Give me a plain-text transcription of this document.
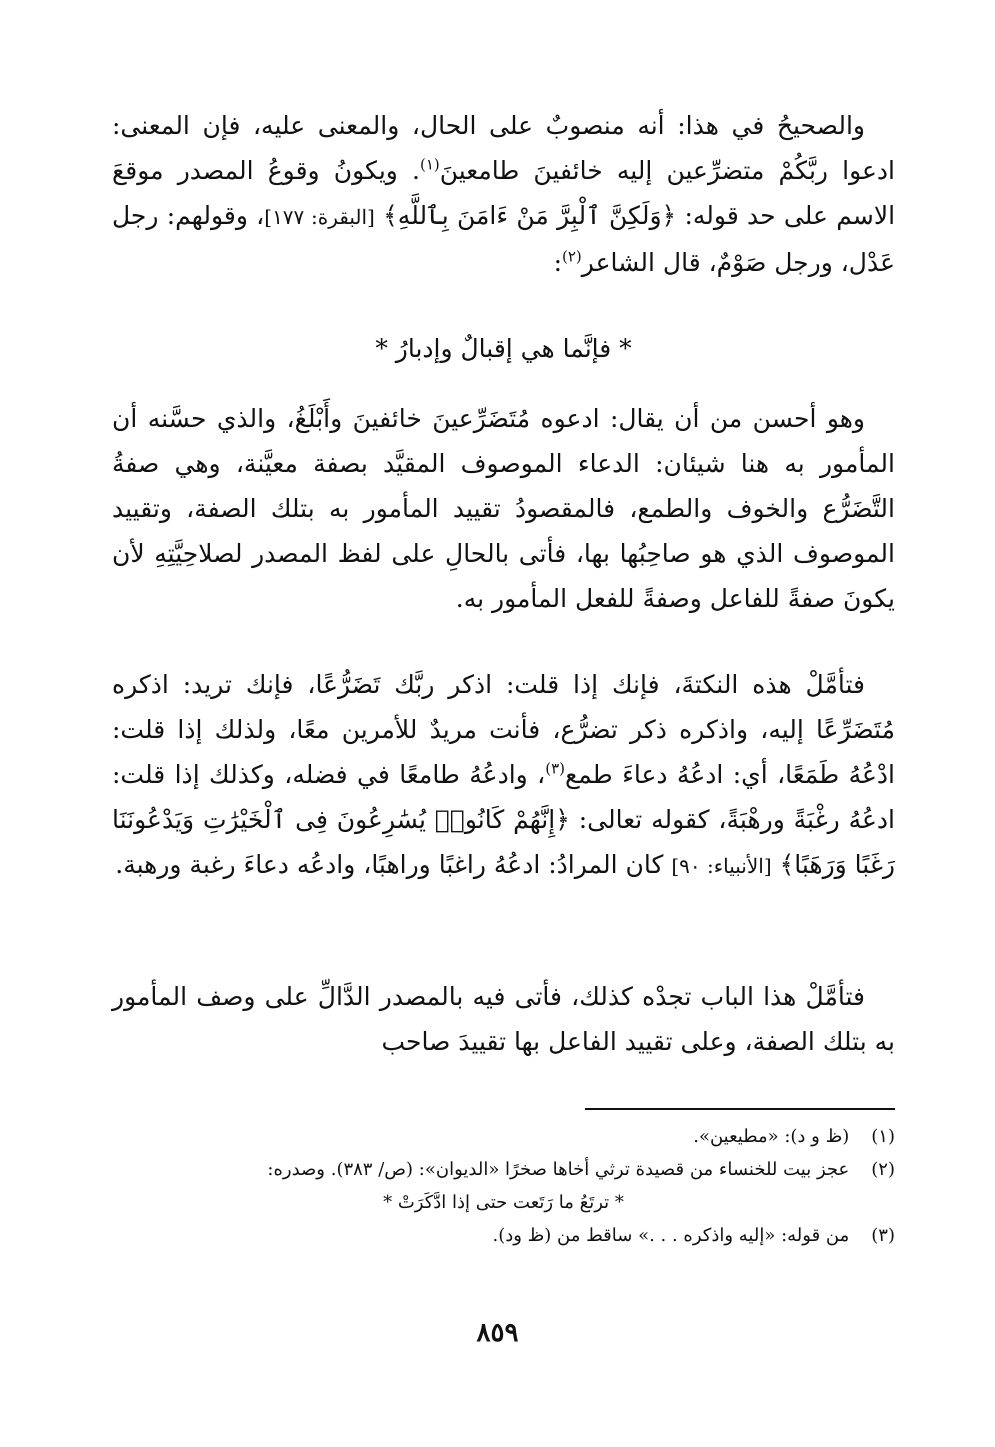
والصحيحُ في هذا: أنه منصوبٌ على الحال، والمعنى عليه، فإن المعنى: ادعوا ربَّكُمْ متضرِّعين إليه خائفينَ طامعينَ$^{(١)}$. ويكونُ وقوعُ المصدر موقعَ الاسم على حد قوله: ﴿وَلَكِنَّ ٱلْبِرَّ مَنْ ءَامَنَ بِٱللَّهِ﴾ [البقرة: ١٧٧]، وقولهم: رجل عَدْل، ورجل صَوْمٌ، قال الشاعر$^{(٢)}$:

* فإنَّما هي إقبالٌ وإدبارُ *

وهو أحسن من أن يقال: ادعوه مُتَضَرِّعينَ خائفينَ وأَبْلَغُ، والذي حسَّنه أن المأمور به هنا شيئان: الدعاء الموصوف المقيَّد بصفة معيَّنة، وهي صفةُ التَّضَرُّع والخوف والطمع، فالمقصودُ تقييد المأمور به بتلك الصفة، وتقييد الموصوف الذي هو صاحِبُها بها، فأتى بالحالِ على لفظ المصدر لصلاحِيَّتِهِ لأن يكونَ صفةً للفاعل وصفةً للفعل المأمور به.

فتأمَّلْ هذه النكتةَ، فإنك إذا قلت: اذكر ربَّك تَضَرُّعًا، فإنك تريد: اذكره مُتَضَرِّعًا إليه، واذكره ذكر تضرُّع، فأنت مريدٌ للأمرين معًا، ولذلك إذا قلت: ادْعُهُ طَمَعًا، أي: ادعُهُ دعاءَ طمع$^{(٣)}$، وادعُهُ طامعًا في فضله، وكذلك إذا قلت: ادعُهُ رغْبَةً ورهْبَةً، كقوله تعالى: ﴿إِنَّهُمْ كَانُوا۟ يُسَٰرِعُونَ فِى ٱلْخَيْرَٰتِ وَيَدْعُونَنَا رَغَبًا وَرَهَبًا﴾ [الأنبياء: ٩٠] كان المرادُ: ادعُهُ راغبًا وراهبًا، وادعُه دعاءَ رغبة ورهبة.

فتأمَّلْ هذا الباب تجدْه كذلك، فأتى فيه بالمصدر الدَّالِّ على وصف المأمور به بتلك الصفة، وعلى تقييد الفاعل بها تقييدَ صاحب

(١) (ظ و د): «مطيعين».

(٢) عجز بيت للخنساء من قصيدة ترثي أخاها صخرًا «الديوان»: (ص/ ٣٨٣). وصدره:

* ترتَعُ ما رَتَعت حتى إذا ادَّكَرَتْ *

(٣) من قوله: «إليه واذكره . . .» ساقط من (ظ ود).

٨٥٩
